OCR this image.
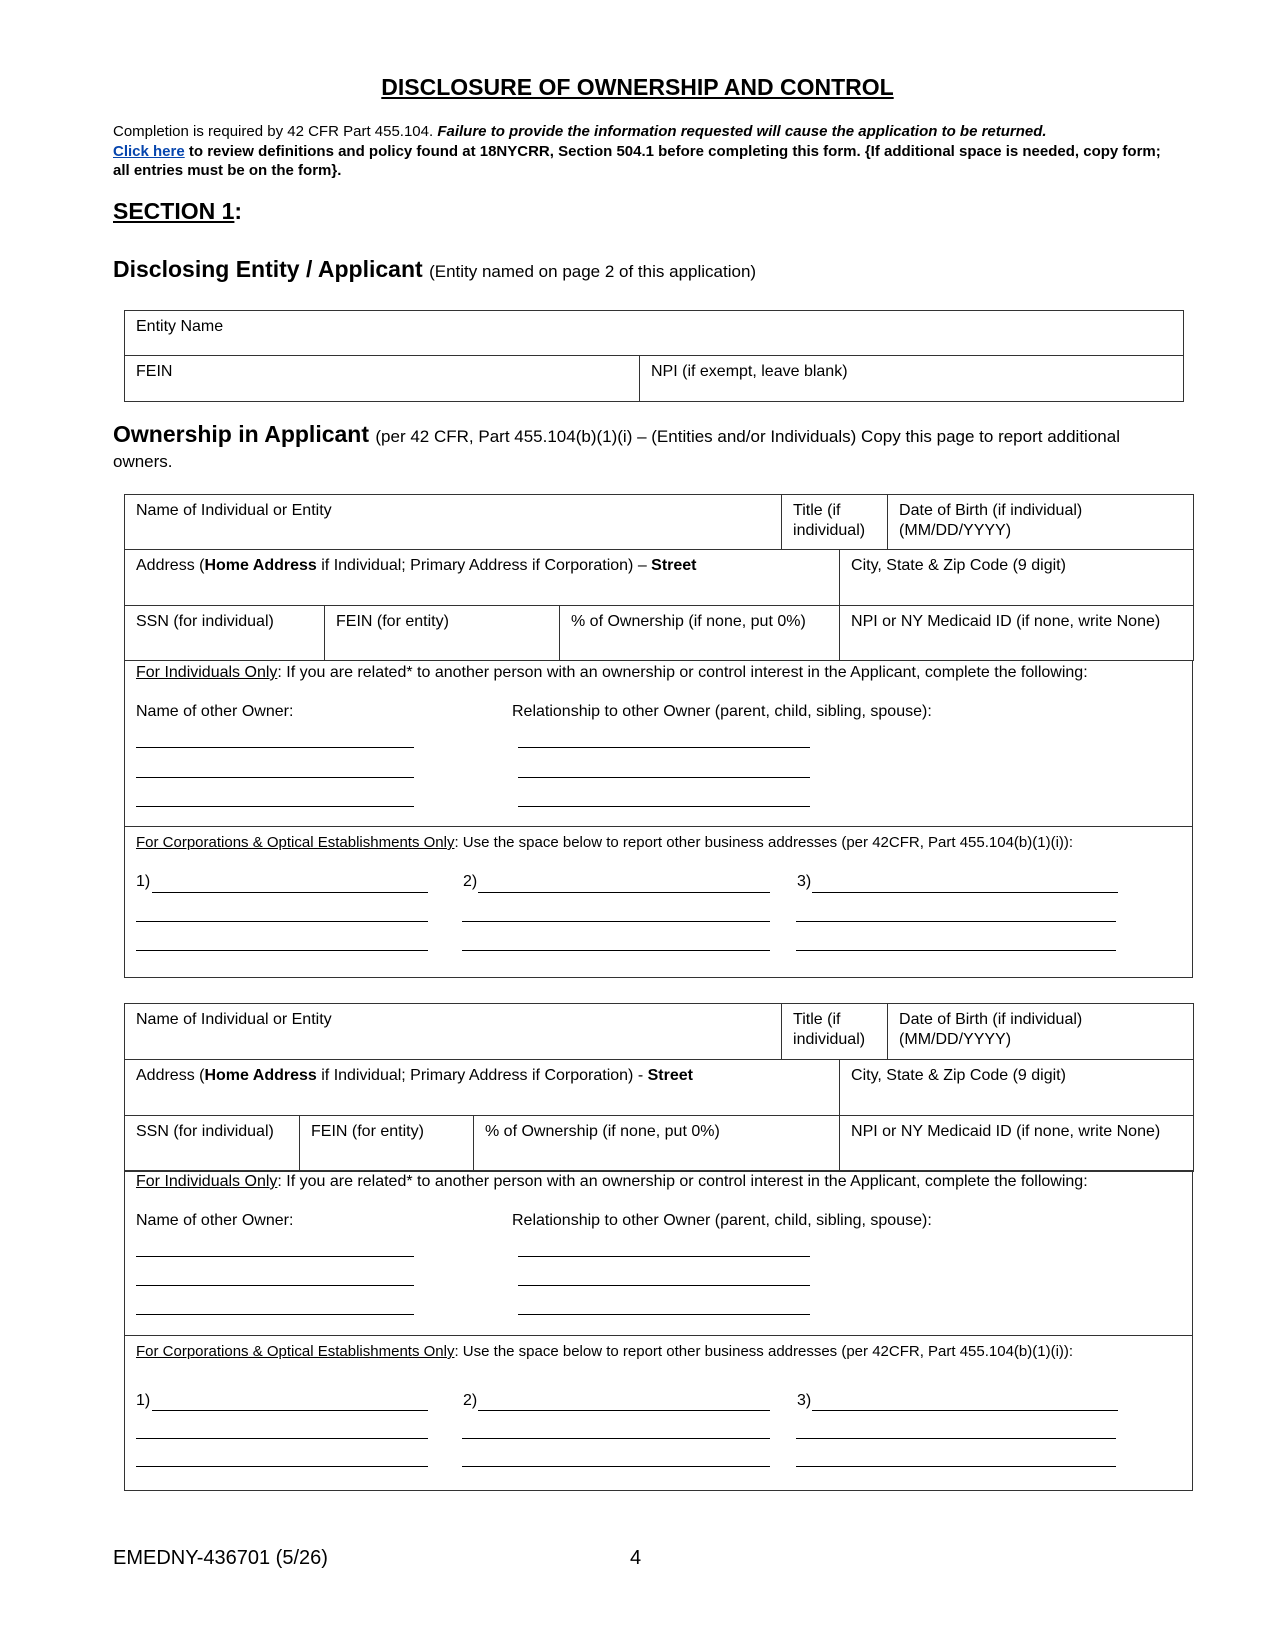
DISCLOSURE OF OWNERSHIP AND CONTROL
Completion is required by 42 CFR Part 455.104. Failure to provide the information requested will cause the application to be returned.
Click here to review definitions and policy found at 18NYCRR, Section 504.1 before completing this form. {If additional space is needed, copy form; all entries must be on the form}.
SECTION 1:
Disclosing Entity / Applicant (Entity named on page 2 of this application)
Entity Name
FEIN	NPI (if exempt, leave blank)
Ownership in Applicant (per 42 CFR, Part 455.104(b)(1)(i) – (Entities and/or Individuals) Copy this page to report additional owners.
Name of Individual or Entity			Title (if individual)		Date of Birth (if individual) (MM/DD/YYYY)
Address (Home Address if Individual; Primary Address if Corporation) – Street				City, State & Zip Code (9 digit)	
SSN (for individual)	FEIN (for entity)	% of Ownership (if none, put 0%)		NPI or NY Medicaid ID (if none, write None)	
For Individuals Only: If you are related* to another person with an ownership or control interest in the Applicant, complete the following:
Name of other Owner:	Relationship to other Owner (parent, child, sibling, spouse):
For Corporations & Optical Establishments Only: Use the space below to report other business addresses (per 42CFR, Part 455.104(b)(1)(i)):
1)	2)	3)
Name of Individual or Entity			Title (if individual)		Date of Birth (if individual) (MM/DD/YYYY)
Address (Home Address if Individual; Primary Address if Corporation) - Street				City, State & Zip Code (9 digit)	
SSN (for individual)	FEIN (for entity)	% of Ownership (if none, put 0%)		NPI or NY Medicaid ID (if none, write None)	
For Individuals Only: If you are related* to another person with an ownership or control interest in the Applicant, complete the following:
Name of other Owner:	Relationship to other Owner (parent, child, sibling, spouse):
For Corporations & Optical Establishments Only: Use the space below to report other business addresses (per 42CFR, Part 455.104(b)(1)(i)):
1)	2)	3)
EMEDNY-436701 (5/26)	4
